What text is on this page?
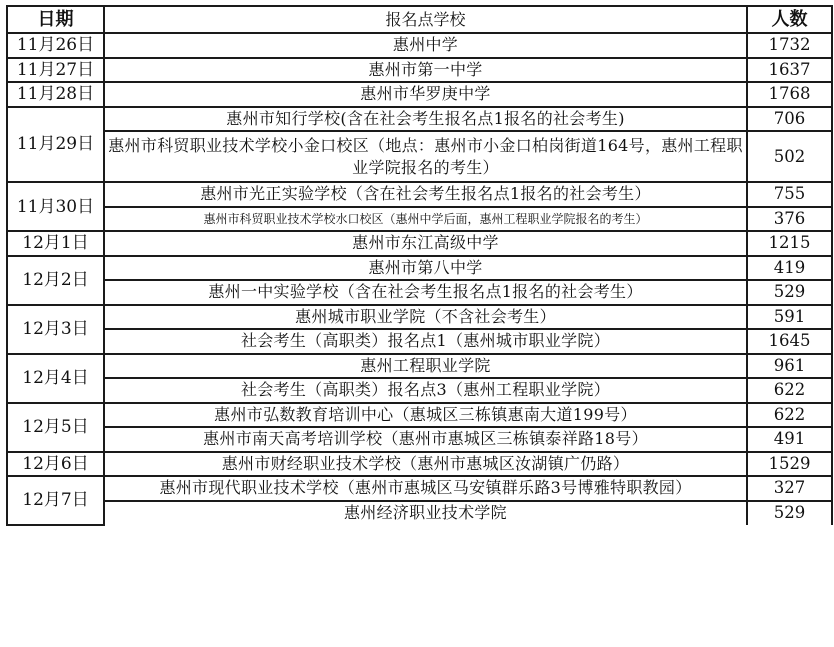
日期	报名点学校	人数
11月26日	惠州中学	1732
11月27日	惠州市第一中学	1637
11月28日	惠州市华罗庚中学	1768
11月29日	惠州市知行学校(含在社会考生报名点1报名的社会考生)	706
	惠州市科贸职业技术学校小金口校区（地点：惠州市小金口柏岗街道164号，惠州工程职业学院报名的考生）	502
11月30日	惠州市光正实验学校（含在社会考生报名点1报名的社会考生）	755
	惠州市科贸职业技术学校水口校区（惠州中学后面，惠州工程职业学院报名的考生）	376
12月1日	惠州市东江高级中学	1215
12月2日	惠州市第八中学	419
	惠州一中实验学校（含在社会考生报名点1报名的社会考生）	529
12月3日	惠州城市职业学院（不含社会考生）	591
	社会考生（高职类）报名点1（惠州城市职业学院）	1645
12月4日	惠州工程职业学院	961
	社会考生（高职类）报名点3（惠州工程职业学院）	622
12月5日	惠州市弘数教育培训中心（惠城区三栋镇惠南大道199号）	622
	惠州市南天高考培训学校（惠州市惠城区三栋镇泰祥路18号）	491
12月6日	惠州市财经职业技术学校（惠州市惠城区汝湖镇广仍路）	1529
12月7日	惠州市现代职业技术学校（惠州市惠城区马安镇群乐路3号博雅特职教园）	327
	惠州经济职业技术学院	529
